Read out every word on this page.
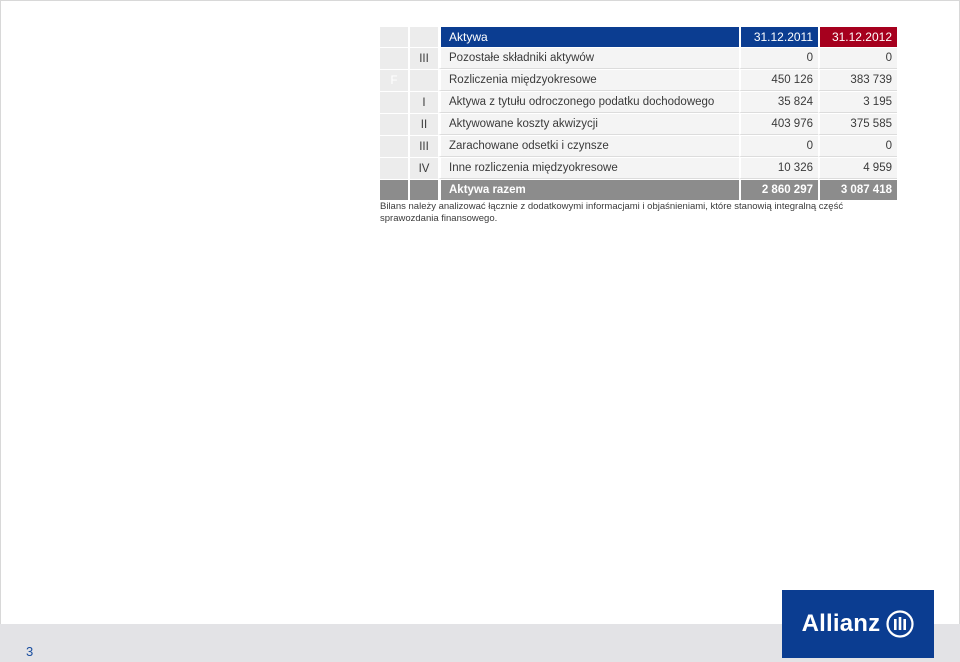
		Aktywa	31.12.2011	31.12.2012
	III	Pozostałe składniki aktywów	0	0
F		Rozliczenia międzyokresowe	450 126	383 739
	I	Aktywa z tytułu odroczonego podatku dochodowego	35 824	3 195
	II	Aktywowane koszty akwizycji	403 976	375 585
	III	Zarachowane odsetki i czynsze	0	0
	IV	Inne rozliczenia międzyokresowe	10 326	4 959
		Aktywa razem	2 860 297	3 087 418
Bilans należy analizować łącznie z dodatkowymi informacjami i objaśnieniami, które stanowią integralną część sprawozdania finansowego.
3
Allianz
